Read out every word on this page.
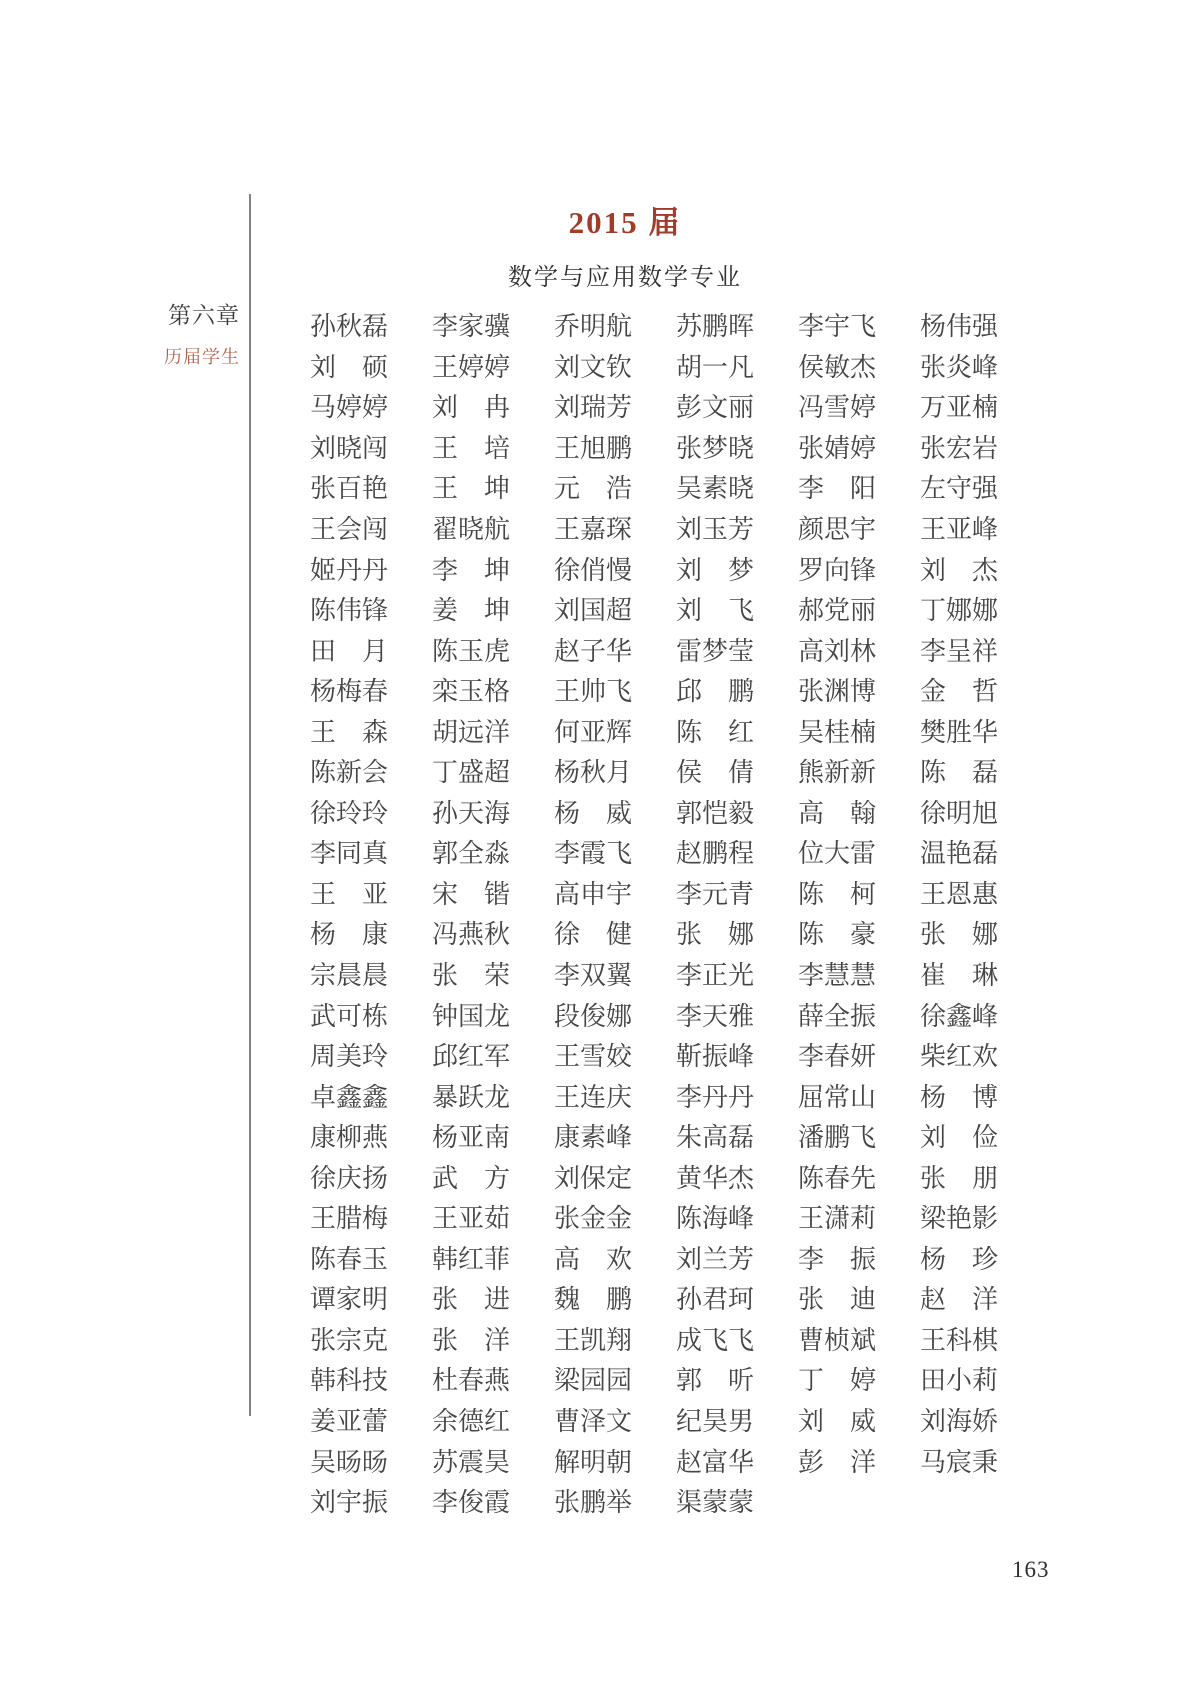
第六章
历届学生
2015 届
数学与应用数学专业
孙秋磊 李家骥 乔明航 苏鹏晖 李宇飞 杨伟强
刘硕 王婷婷 刘文钦 胡一凡 侯敏杰 张炎峰
马婷婷 刘冉 刘瑞芳 彭文丽 冯雪婷 万亚楠
刘晓闯 王培 王旭鹏 张梦晓 张婧婷 张宏岩
张百艳 王坤 元浩 吴素晓 李阳 左守强
王会闯 翟晓航 王嘉琛 刘玉芳 颜思宇 王亚峰
姬丹丹 李坤 徐俏慢 刘梦 罗向锋 刘杰
陈伟锋 姜坤 刘国超 刘飞 郝党丽 丁娜娜
田月 陈玉虎 赵子华 雷梦莹 高刘林 李呈祥
杨梅春 栾玉格 王帅飞 邱鹏 张渊博 金哲
王森 胡远洋 何亚辉 陈红 吴桂楠 樊胜华
陈新会 丁盛超 杨秋月 侯倩 熊新新 陈磊
徐玲玲 孙天海 杨威 郭恺毅 高翰 徐明旭
李同真 郭全淼 李霞飞 赵鹏程 位大雷 温艳磊
王亚 宋锴 高申宇 李元青 陈柯 王恩惠
杨康 冯燕秋 徐健 张娜 陈豪 张娜
宗晨晨 张荣 李双翼 李正光 李慧慧 崔琳
武可栋 钟国龙 段俊娜 李天雅 薛全振 徐鑫峰
周美玲 邱红军 王雪姣 靳振峰 李春妍 柴红欢
卓鑫鑫 暴跃龙 王连庆 李丹丹 屈常山 杨博
康柳燕 杨亚南 康素峰 朱高磊 潘鹏飞 刘俭
徐庆扬 武方 刘保定 黄华杰 陈春先 张朋
王腊梅 王亚茹 张金金 陈海峰 王潇莉 梁艳影
陈春玉 韩红菲 高欢 刘兰芳 李振 杨珍
谭家明 张进 魏鹏 孙君珂 张迪 赵洋
张宗克 张洋 王凯翔 成飞飞 曹桢斌 王科棋
韩科技 杜春燕 梁园园 郭听 丁婷 田小莉
姜亚蕾 余德红 曹泽文 纪昊男 刘威 刘海娇
吴旸旸 苏震昊 解明朝 赵富华 彭洋 马宸秉
刘宇振 李俊霞 张鹏举 渠蒙蒙
163
